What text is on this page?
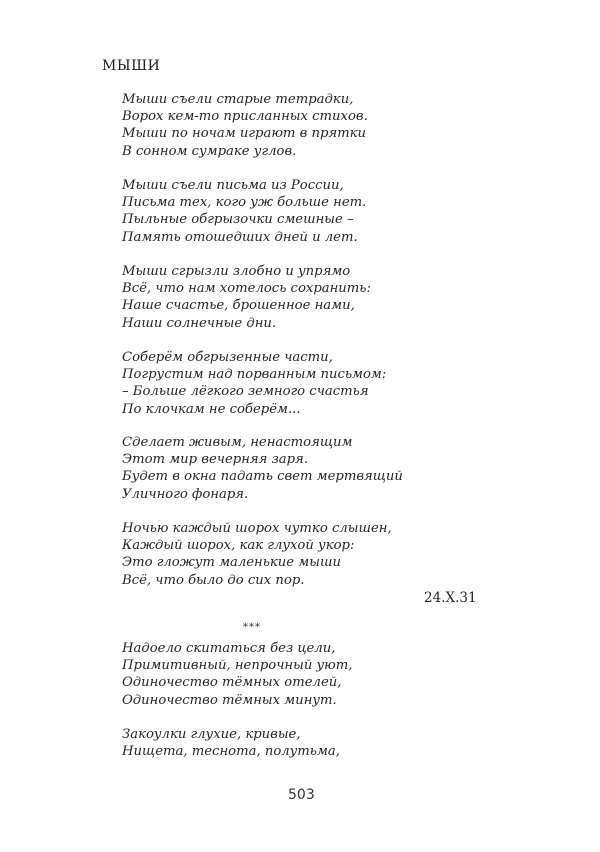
МЫШИ
Мыши съели старые тетрадки,
Ворох кем-то присланных стихов.
Мыши по ночам играют в прятки
В сонном сумраке углов.
Мыши съели письма из России,
Письма тех, кого уж больше нет.
Пыльные обгрызочки смешные –
Память отошедших дней и лет.
Мыши сгрызли злобно и упрямо
Всё, что нам хотелось сохранить:
Наше счастье, брошенное нами,
Наши солнечные дни.
Соберём обгрызенные части,
Погрустим над порванным письмом:
– Больше лёгкого земного счастья
По клочкам не соберём...
Сделает живым, ненастоящим
Этот мир вечерняя заря.
Будет в окна падать свет мертвящий
Уличного фонаря.
Ночью каждый шорох чутко слышен,
Каждый шорох, как глухой укор:
Это гложут маленькие мыши
Всё, что было до сих пор.
24.X.31
***
Надоело скитаться без цели,
Примитивный, непрочный уют,
Одиночество тёмных отелей,
Одиночество тёмных минут.
Закоулки глухие, кривые,
Нищета, теснота, полутьма,
503
